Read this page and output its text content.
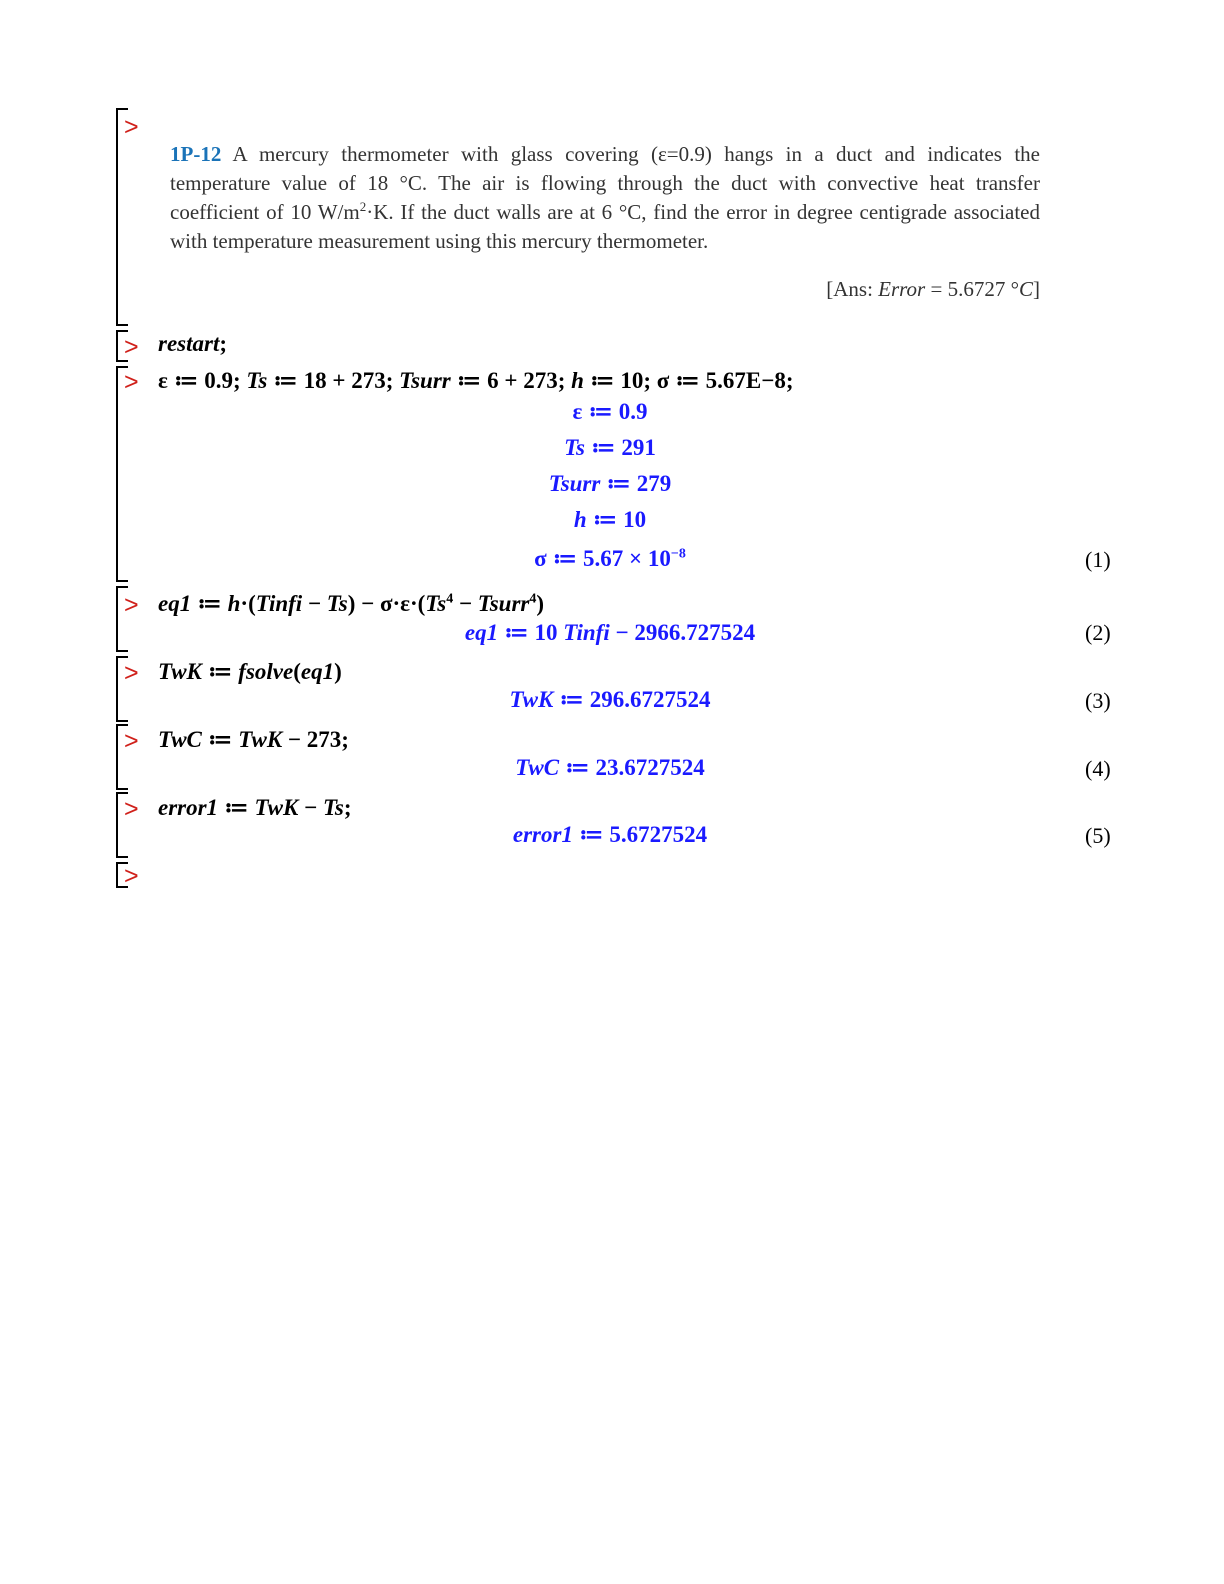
>
>
>
>
>
>
>
>
1P-12 A mercury thermometer with glass covering (ε=0.9) hangs in a duct and indicates the temperature value of 18 °C. The air is flowing through the duct with convective heat transfer coefficient of 10 $W/m^2\cdot K$. If the duct walls are at 6 °C, find the error in degree centigrade associated with temperature measurement using this mercury thermometer.
[Ans: Error = 5.6727 °C]
restart;
ε ≔ 0.9; Ts ≔ 18 + 273; Tsurr ≔ 6 + 273; h ≔ 10; σ ≔ 5.67E−8;
ε ≔ 0.9
Ts ≔ 291
Tsurr ≔ 279
h ≔ 10
σ ≔ $5.67 \times 10^{-8}$	(1)
eq1 ≔ h·(Tinfi − $Ts) - \sigma\cdot\varepsilon\cdot(Ts^4$ − Tsurr$^4$)
eq1 ≔ 10 Tinfi − 2966.727524	(2)
TwK ≔ fsolve(eq1)
TwK ≔ 296.6727524	(3)
TwC ≔ TwK − 273;
TwC ≔ 23.6727524	(4)
error1 ≔ TwK − Ts;
error1 ≔ 5.6727524	(5)
